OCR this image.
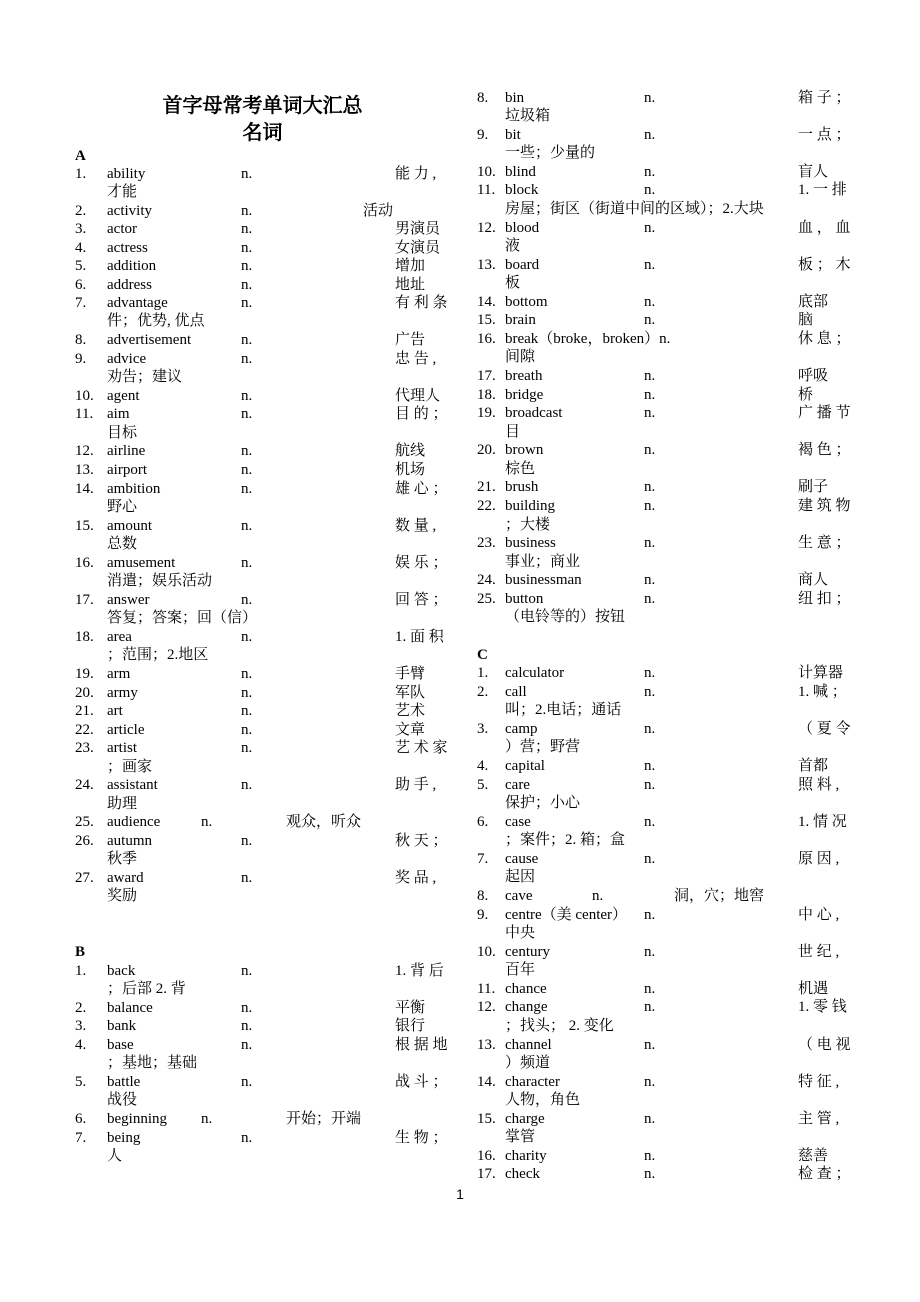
首字母常考单词大汇总
名词
A
1. ability	n.	能 力 ,
才能
2. activity	n.	活动
3. actor	n.	男演员
4. actress	n.	女演员
5. addition	n.	增加
6. address	n.	地址
7. advantage	n.	有 利 条
件；优势, 优点
8. advertisement	n.	广告
9. advice	n.	忠 告 ,
劝告；建议
10. agent	n.	代理人
11. aim	n.	目 的 ；
目标
12. airline	n.	航线
13. airport	n.	机场
14. ambition	n.	雄 心 ；
野心
15. amount	n.	数 量 ,
总数
16. amusement	n.	娱 乐 ；
消遣；娱乐活动
17. answer	n.	回 答 ；
答复；答案；回（信）
18. area	n.	1. 面 积
；范围；2.地区
19. arm	n.	手臂
20. army	n.	军队
21. art	n.	艺术
22. article	n.	文章
23. artist	n.	艺 术 家
；画家
24. assistant	n.	助 手 ,
助理
25. audience	n.	观众，听众
26. autumn	n.	秋 天 ；
秋季
27. award	n.	奖 品 ,
奖励
B
1. back	n.	1. 背 后
；后部 2. 背
2. balance	n.	平衡
3. bank	n.	银行
4. base	n.	根 据 地
；基地；基础
5. battle	n.	战 斗 ；
战役
6. beginning n.	开始；开端
7. being	n.	生 物 ；
人
8. bin	n.	箱 子 ；
垃圾箱
9. bit	n.	一 点 ；
一些；少量的
10. blind	n.	盲人
11. block	n.	1. 一 排
房屋；街区（街道中间的区域）；2.大块
12. blood	n.	血 ， 血
液
13. board	n.	板 ； 木
板
14. bottom	n.	底部
15. brain	n.	脑
16. break（broke，broken）n.	休 息 ；
间隙
17. breath	n.	呼吸
18. bridge	n.	桥
19. broadcast	n.	广 播 节
目
20. brown	n.	褐 色 ；
棕色
21. brush	n.	刷子
22. building	n.	建 筑 物
；大楼
23. business	n.	生 意 ；
事业；商业
24. businessman	n.	商人
25. button	n.	纽 扣 ；
（电铃等的）按钮
C
1. calculator	n.	计算器
2. call	n.	1. 喊 ；
叫；2.电话；通话
3. camp	n.	（ 夏 令
）营；野营
4. capital	n.	首都
5. care	n.	照 料 ,
保护；小心
6. case	n.	1. 情 况
；案件；2. 箱；盒
7. cause	n.	原 因 ,
起因
8. cave	n.	洞，穴；地窖
9. centre（美 center） n.	中 心 ,
中央
10. century	n.	世 纪 ,
百年
11. chance	n.	机遇
12. change	n.	1. 零 钱
；找头； 2. 变化
13. channel	n.	（ 电 视
）频道
14. character	n.	特 征 ,
人物，角色
15. charge	n.	主 管 ,
掌管
16. charity	n.	慈善
17. check	n.	检 查 ；
1
